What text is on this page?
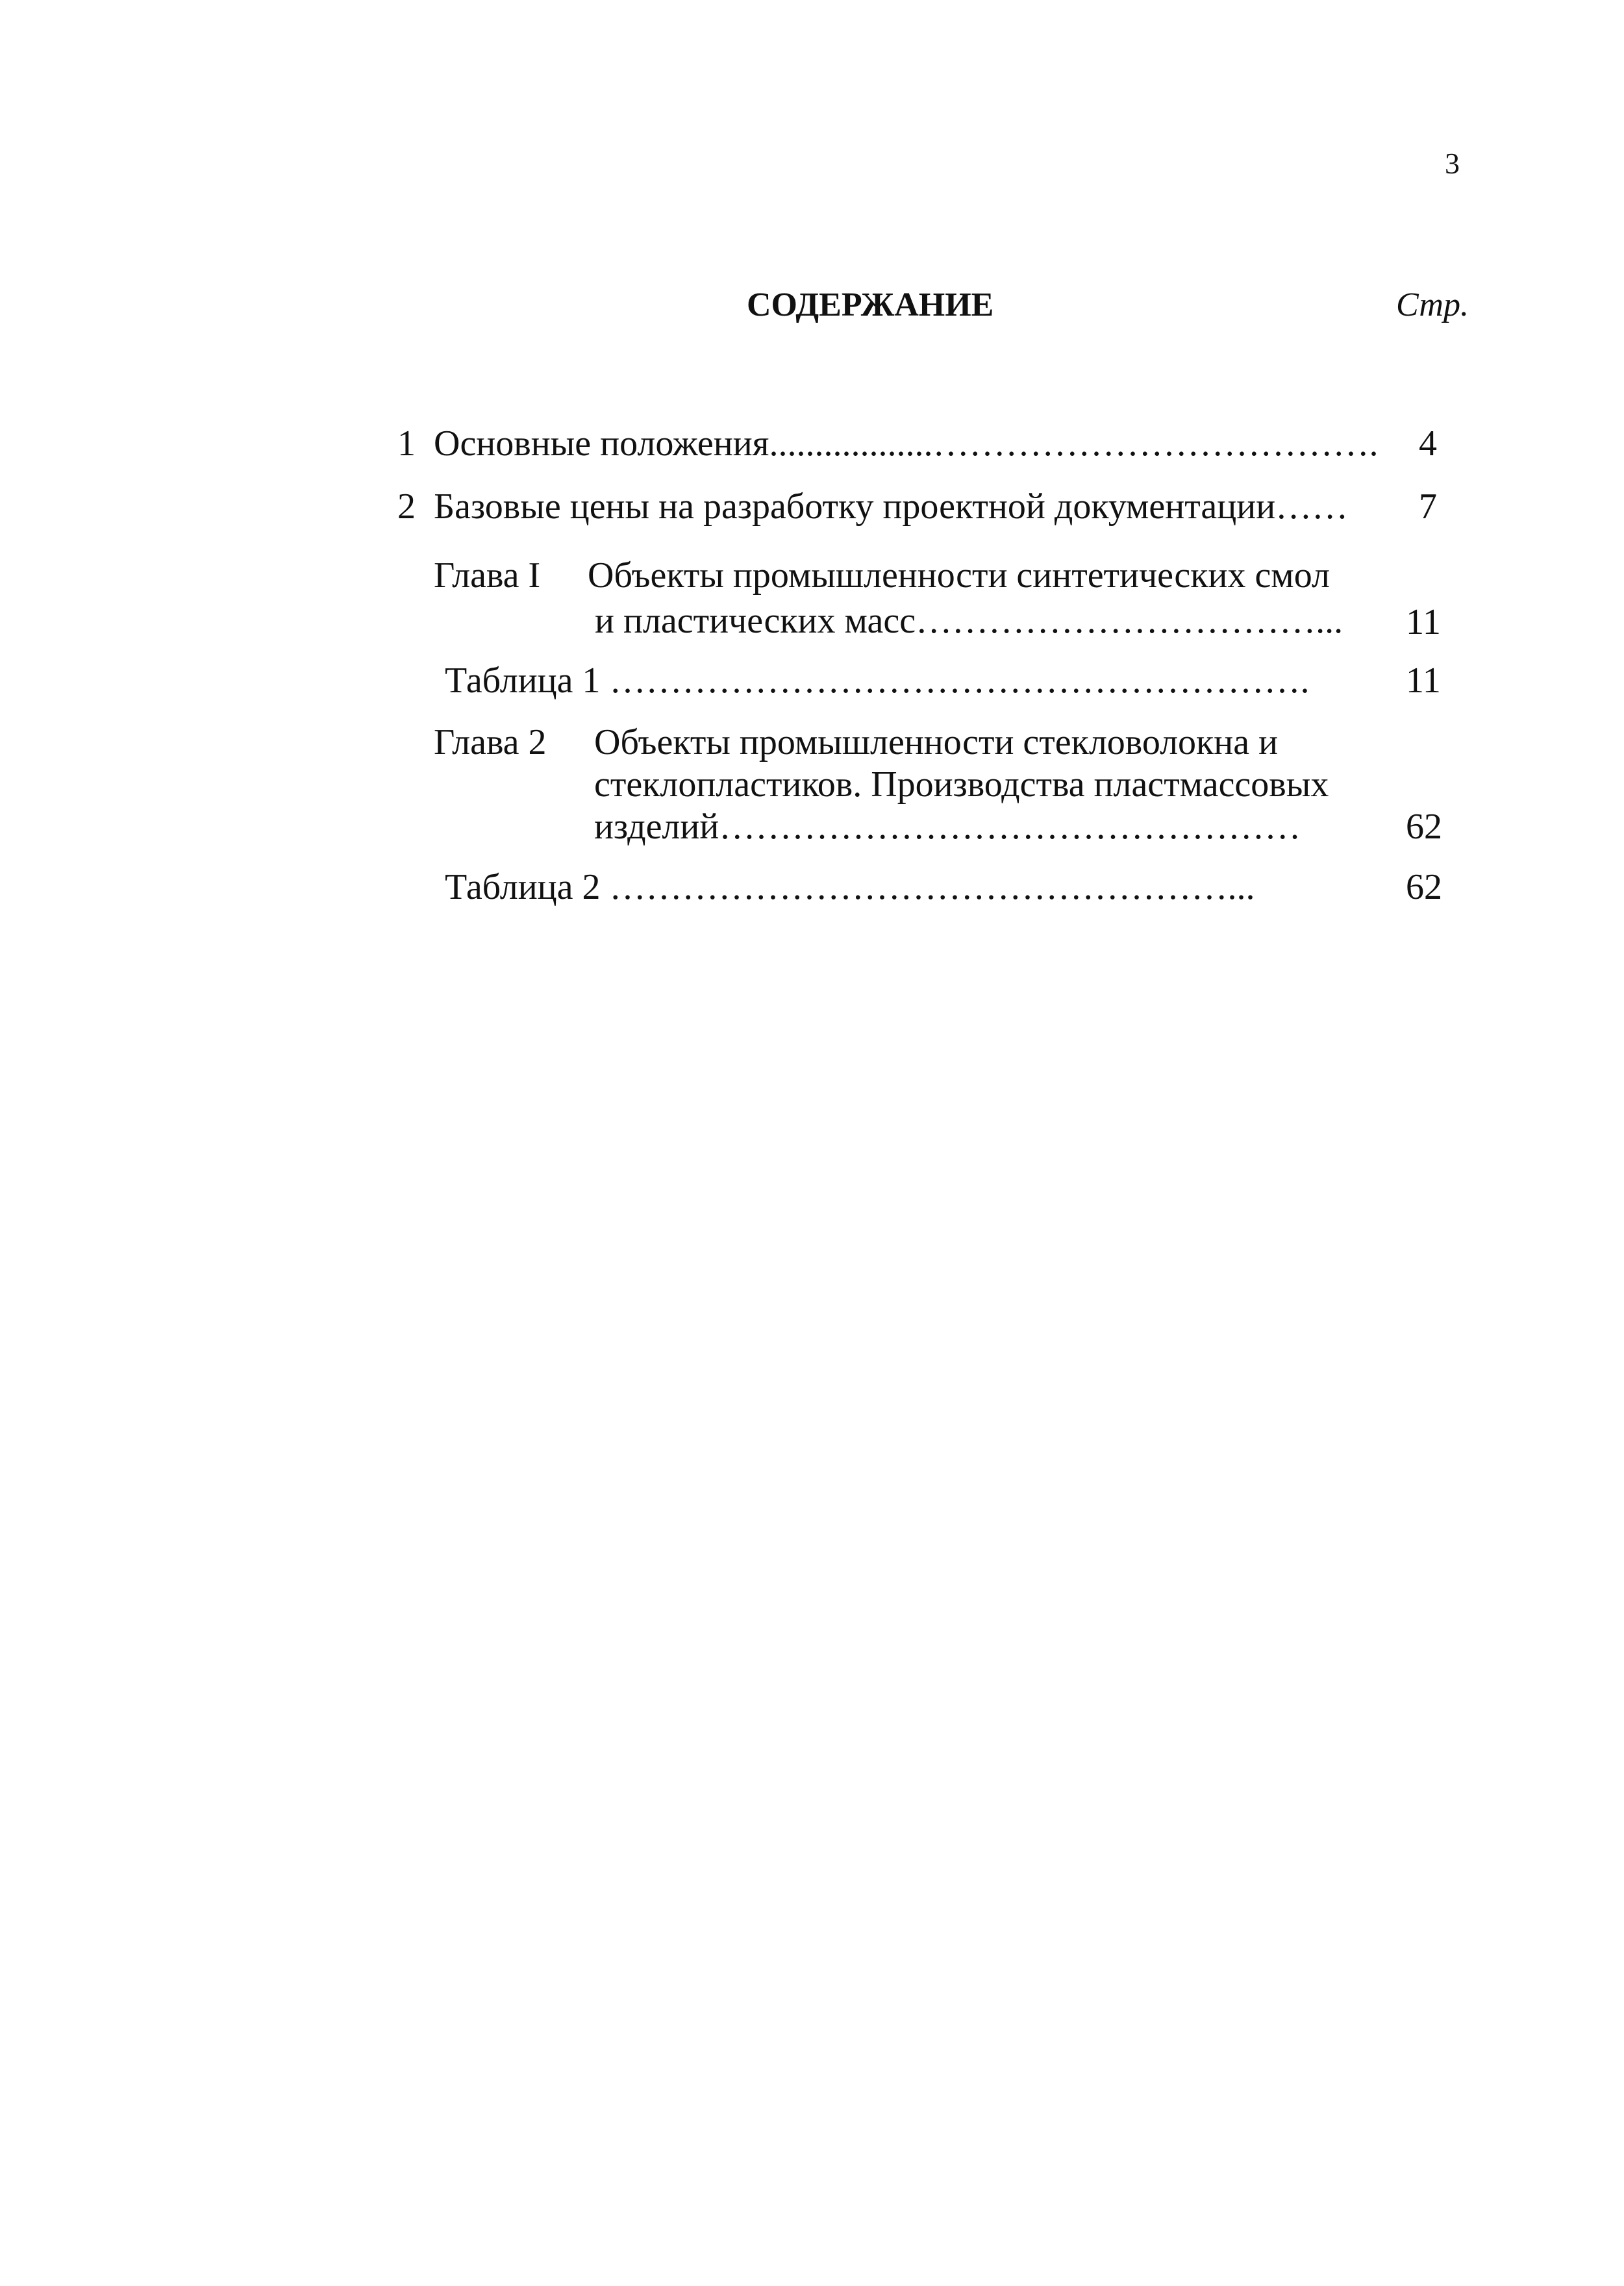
3
СОДЕРЖАНИЕ	Стр.
1 Основные положения..................………………………………. 4
2 Базовые цены на разработку проектной документации…… 7
Глава I Объекты промышленности синтетических смол
и пластических масс……………………………... 11
Таблица 1 ………………………………………………….	11
Глава 2 Объекты промышленности стекловолокна и
стеклопластиков. Производства пластмассовых
изделий…………………………………………	62
Таблица 2 ……………………………………………...	62
